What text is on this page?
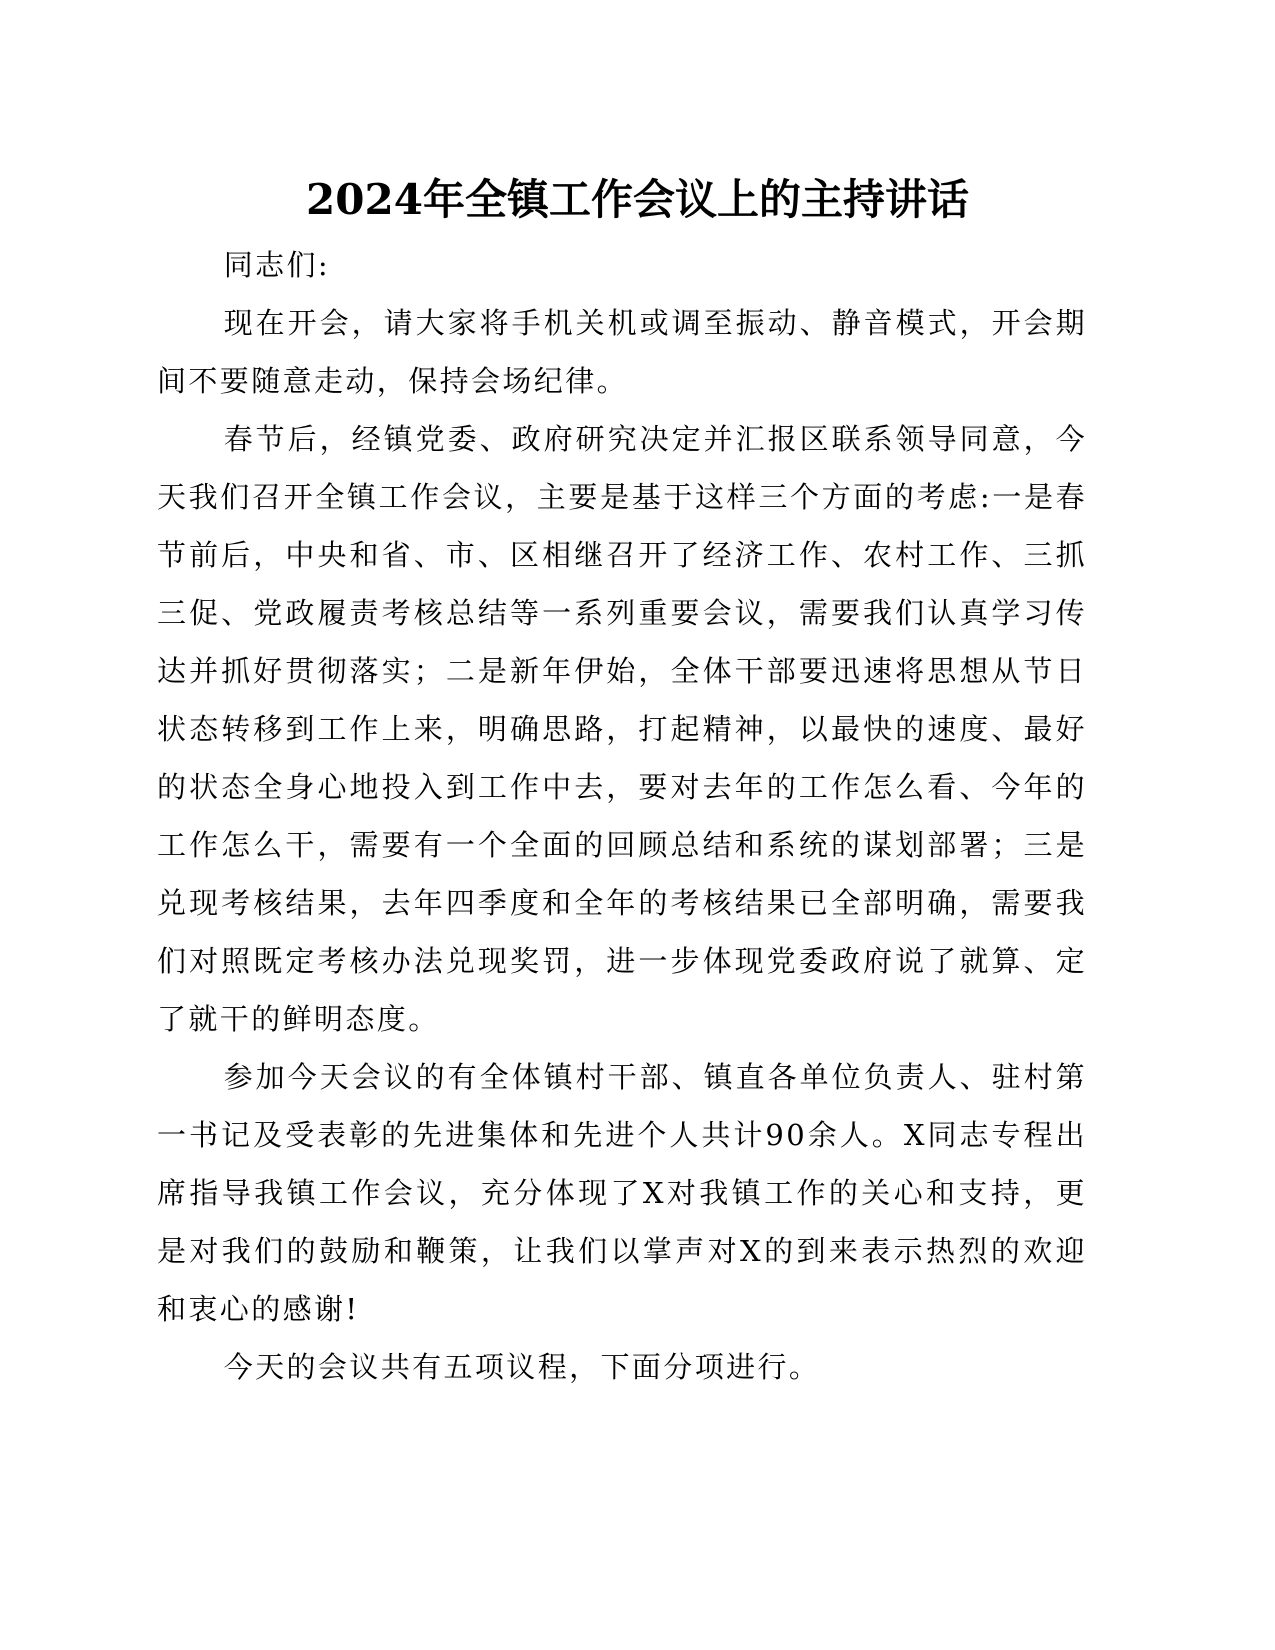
2024年全镇工作会议上的主持讲话

同志们:

现在开会，请大家将手机关机或调至振动、静音模式，开会期间不要随意走动，保持会场纪律。

春节后，经镇党委、政府研究决定并汇报区联系领导同意，今天我们召开全镇工作会议，主要是基于这样三个方面的考虑:一是春节前后，中央和省、市、区相继召开了经济工作、农村工作、三抓三促、党政履责考核总结等一系列重要会议，需要我们认真学习传达并抓好贯彻落实；二是新年伊始，全体干部要迅速将思想从节日状态转移到工作上来，明确思路，打起精神，以最快的速度、最好的状态全身心地投入到工作中去，要对去年的工作怎么看、今年的工作怎么干，需要有一个全面的回顾总结和系统的谋划部署；三是兑现考核结果，去年四季度和全年的考核结果已全部明确，需要我们对照既定考核办法兑现奖罚，进一步体现党委政府说了就算、定了就干的鲜明态度。

参加今天会议的有全体镇村干部、镇直各单位负责人、驻村第一书记及受表彰的先进集体和先进个人共计90余人。X同志专程出席指导我镇工作会议，充分体现了X对我镇工作的关心和支持，更是对我们的鼓励和鞭策，让我们以掌声对X的到来表示热烈的欢迎和衷心的感谢!

今天的会议共有五项议程，下面分项进行。
